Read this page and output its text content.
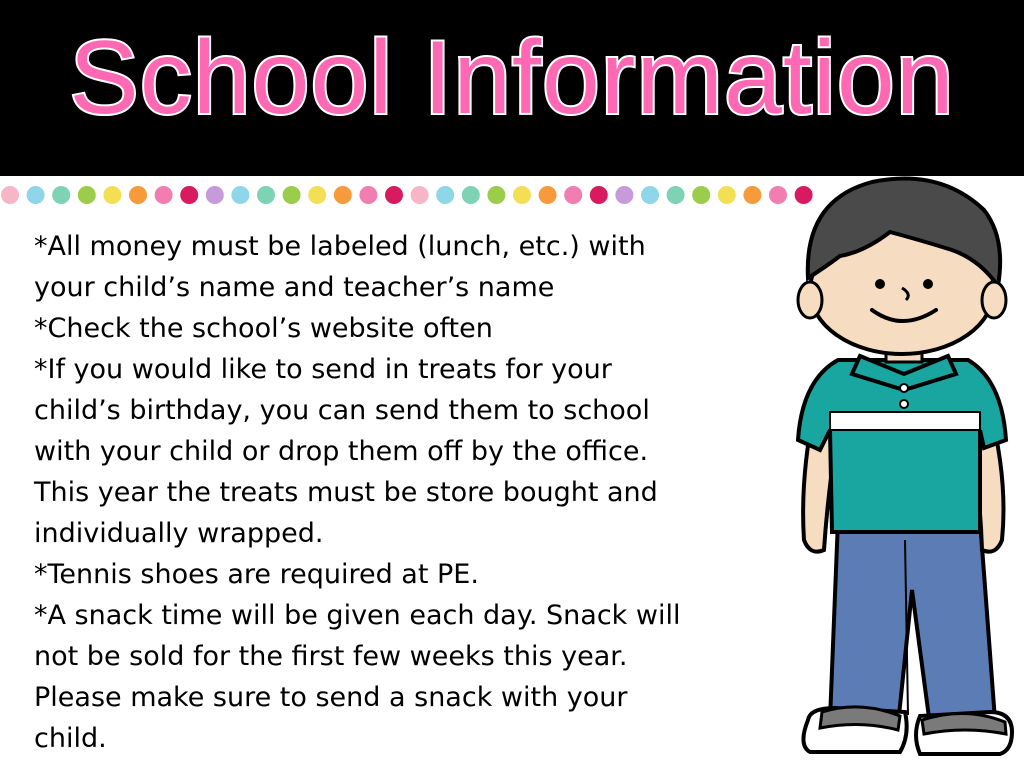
School Information

*All money must be labeled (lunch, etc.) with your child’s name and teacher’s name

*Check the school’s website often

*If you would like to send in treats for your child’s birthday, you can send them to school with your child or drop them off by the office. This year the treats must be store bought and individually wrapped.

*Tennis shoes are required at PE.

*A snack time will be given each day. Snack will not be sold for the first few weeks this year. Please make sure to send a snack with your child.
